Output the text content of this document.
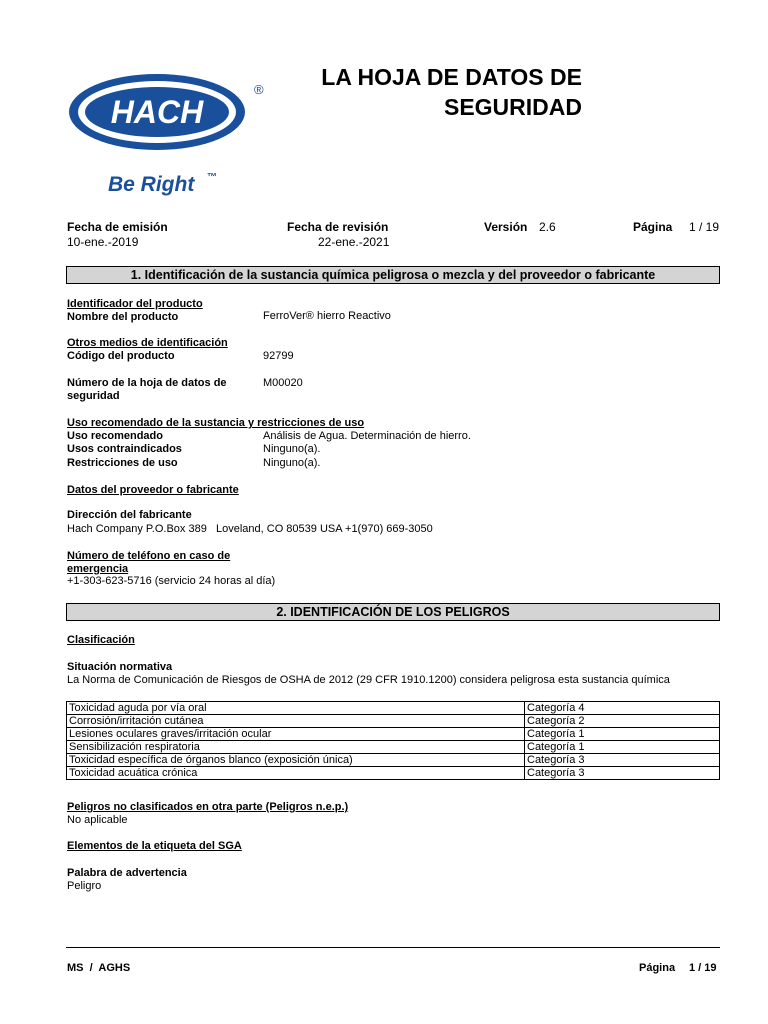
HACH
®
Be Right ™
LA HOJA DE DATOS DE
SEGURIDAD
Fecha de emisión
10-ene.-2019
Fecha de revisión
22-ene.-2021
Versión 2.6	Página 1 / 19
1. Identificación de la sustancia química peligrosa o mezcla y del proveedor o fabricante
Identificador del producto
Nombre del producto	FerroVer® hierro Reactivo
Otros medios de identificación
Código del producto	92799
Número de la hoja de datos de
seguridad
M00020
Uso recomendado de la sustancia y restricciones de uso
Uso recomendado	Análisis de Agua. Determinación de hierro.
Usos contraindicados	Ninguno(a).
Restricciones de uso	Ninguno(a).
Datos del proveedor o fabricante
Dirección del fabricante
Hach Company P.O.Box 389   Loveland, CO 80539 USA +1(970) 669-3050
Número de teléfono en caso de
emergencia
+1-303-623-5716 (servicio 24 horas al día)
2. IDENTIFICACIÓN DE LOS PELIGROS
Clasificación
Situación normativa
La Norma de Comunicación de Riesgos de OSHA de 2012 (29 CFR 1910.1200) considera peligrosa esta sustancia química
Toxicidad aguda por vía oral	Categoría 4
Corrosión/irritación cutánea	Categoría 2
Lesiones oculares graves/irritación ocular	Categoría 1
Sensibilización respiratoria	Categoría 1
Toxicidad específica de órganos blanco (exposición única)	Categoría 3
Toxicidad acuática crónica	Categoría 3
Peligros no clasificados en otra parte (Peligros n.e.p.)
No aplicable
Elementos de la etiqueta del SGA
Palabra de advertencia
Peligro
MS  /  AGHS	Página 1 / 19
